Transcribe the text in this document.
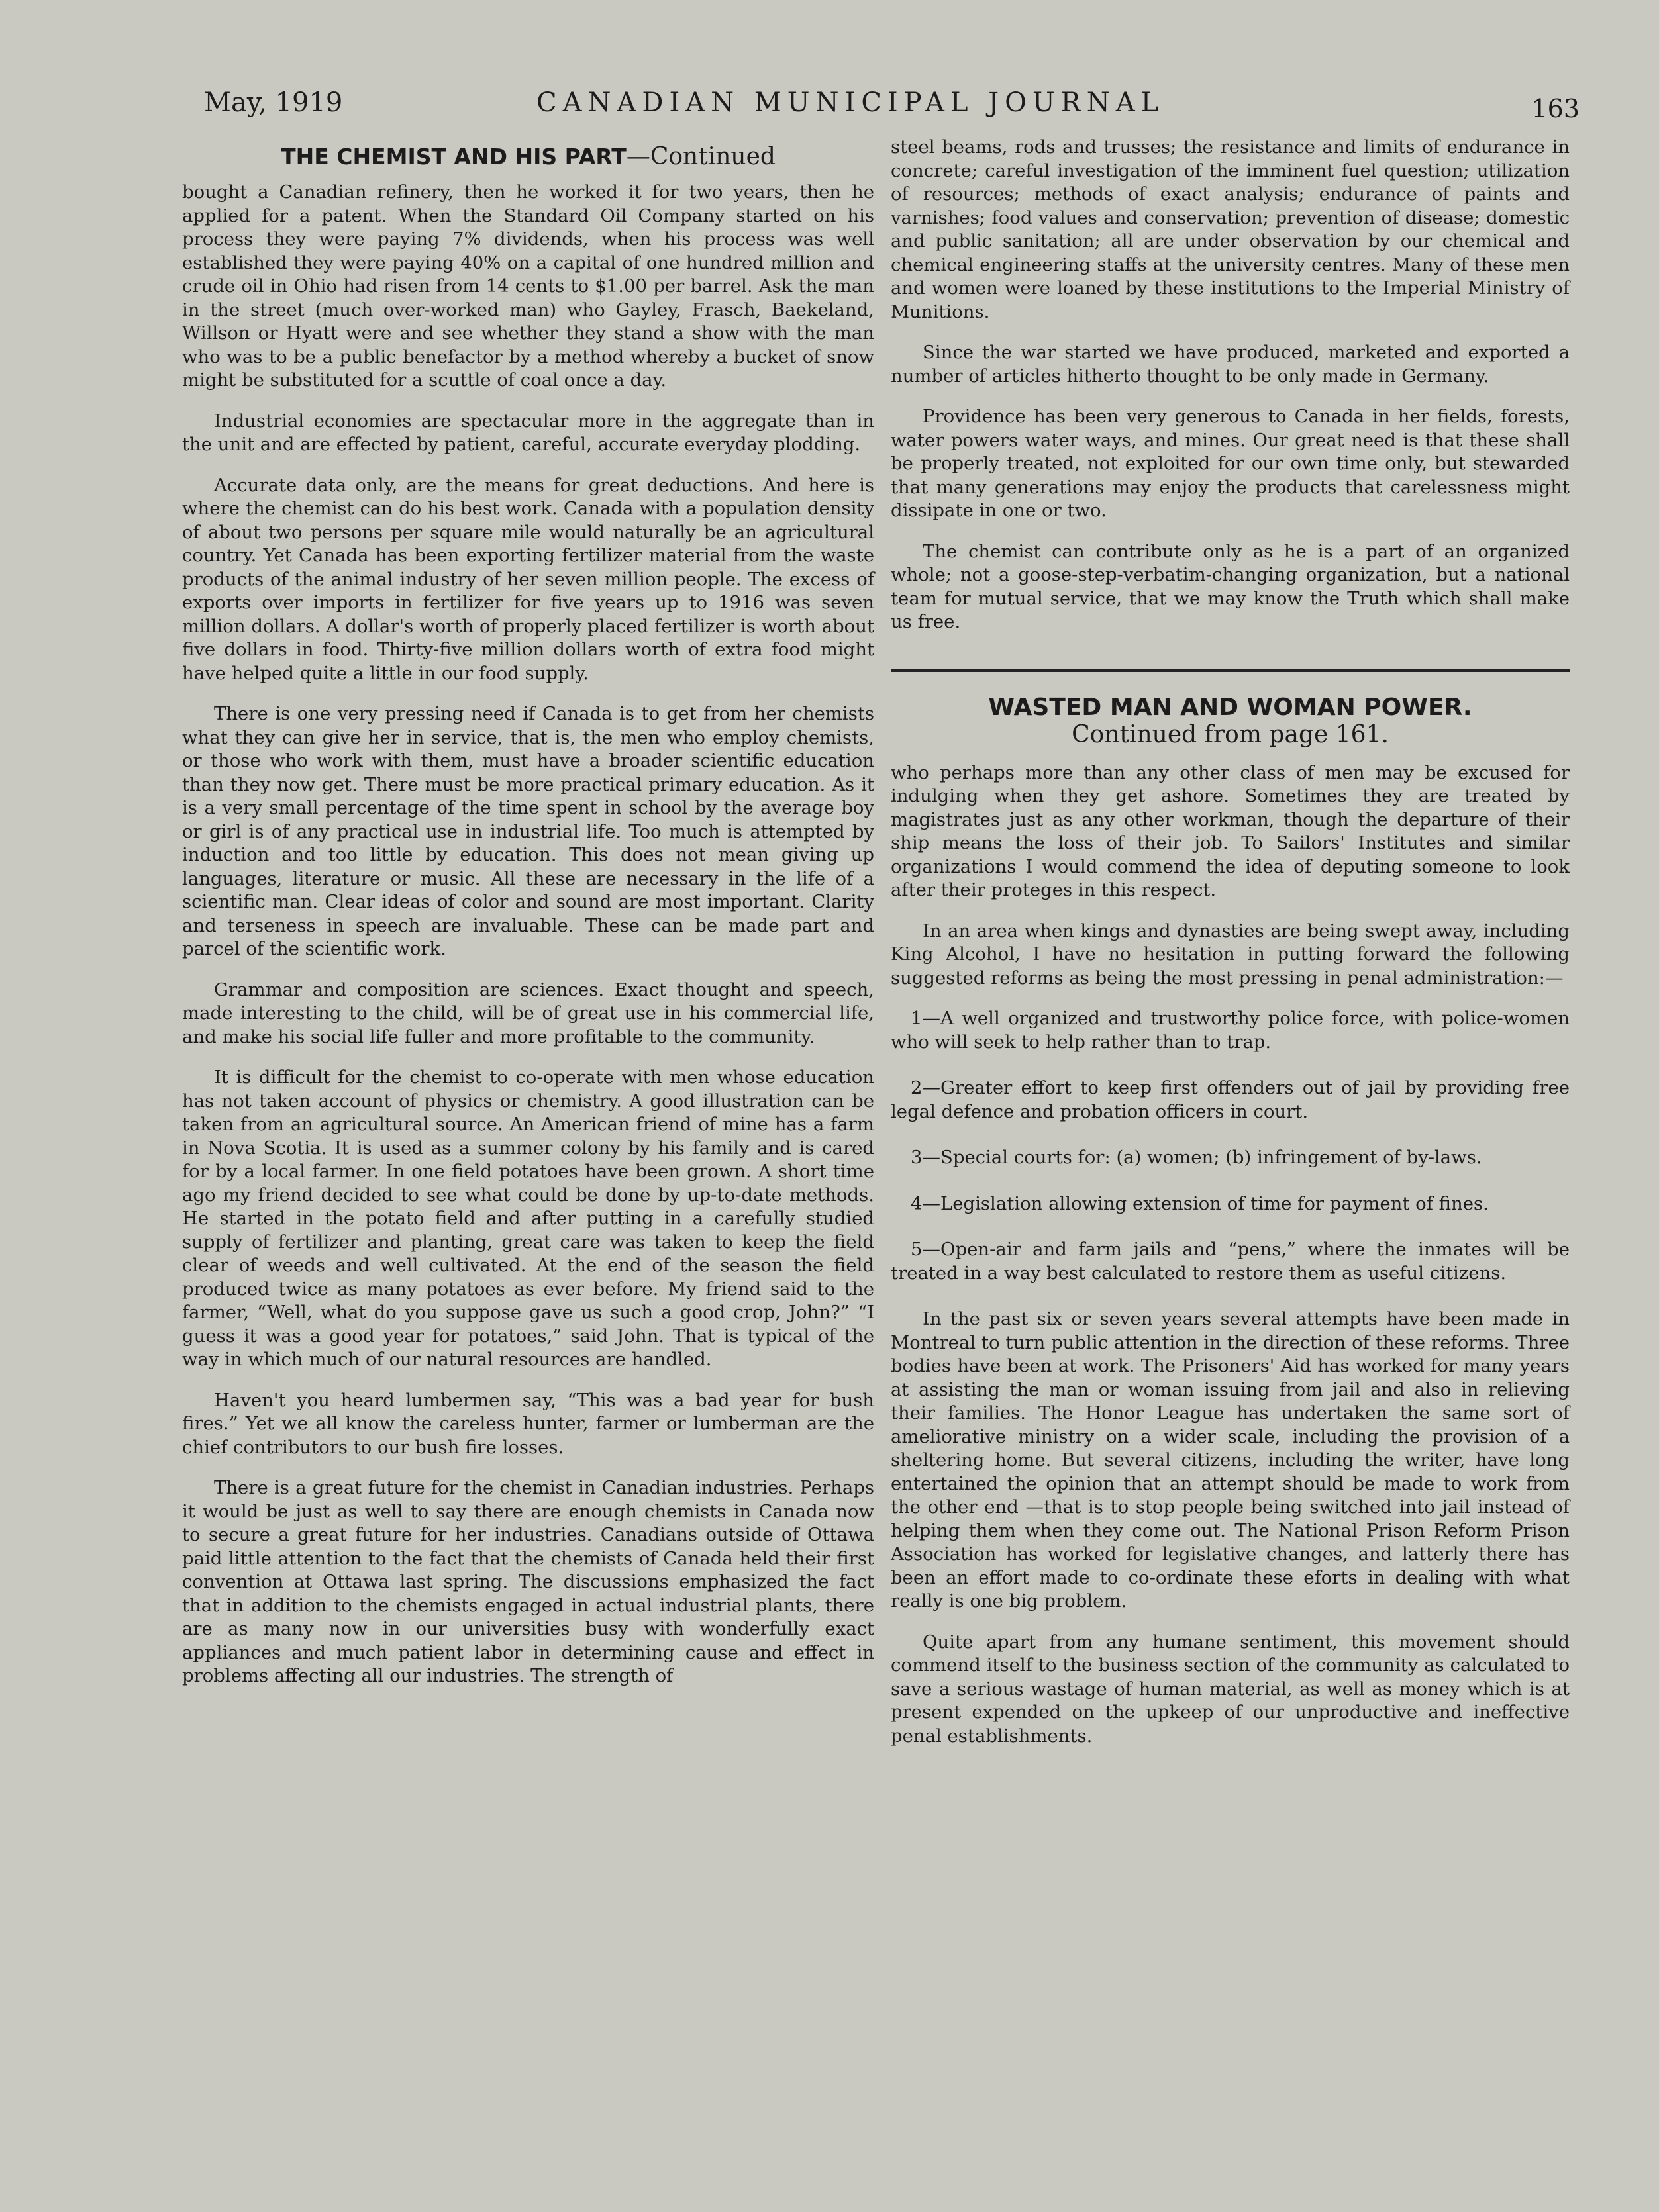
May, 1919	CANADIAN MUNICIPAL JOURNAL	163
THE CHEMIST AND HIS PART—Continued

bought a Canadian refinery, then he worked it for two years, then he applied for a patent. When the Standard Oil Company started on his process they were paying 7% dividends, when his process was well established they were paying 40% on a capital of one hundred million and crude oil in Ohio had risen from 14 cents to $1.00 per barrel. Ask the man in the street (much over-worked man) who Gayley, Frasch, Baekeland, Willson or Hyatt were and see whether they stand a show with the man who was to be a public benefactor by a method whereby a bucket of snow might be substituted for a scuttle of coal once a day.

Industrial economies are spectacular more in the aggregate than in the unit and are effected by patient, careful, accurate everyday plodding.

Accurate data only, are the means for great deductions. And here is where the chemist can do his best work. Canada with a population density of about two persons per square mile would naturally be an agricultural country. Yet Canada has been exporting fertilizer material from the waste products of the animal industry of her seven million people. The excess of exports over imports in fertilizer for five years up to 1916 was seven million dollars. A dollar's worth of properly placed fertilizer is worth about five dollars in food. Thirty-five million dollars worth of extra food might have helped quite a little in our food supply.

There is one very pressing need if Canada is to get from her chemists what they can give her in service, that is, the men who employ chemists, or those who work with them, must have a broader scientific education than they now get. There must be more practical primary education. As it is a very small percentage of the time spent in school by the average boy or girl is of any practical use in industrial life. Too much is attempted by induction and too little by education. This does not mean giving up languages, literature or music. All these are necessary in the life of a scientific man. Clear ideas of color and sound are most important. Clarity and terseness in speech are invaluable. These can be made part and parcel of the scientific work.

Grammar and composition are sciences. Exact thought and speech, made interesting to the child, will be of great use in his commercial life, and make his social life fuller and more profitable to the community.

It is difficult for the chemist to co-operate with men whose education has not taken account of physics or chemistry. A good illustration can be taken from an agricultural source. An American friend of mine has a farm in Nova Scotia. It is used as a summer colony by his family and is cared for by a local farmer. In one field potatoes have been grown. A short time ago my friend decided to see what could be done by up-to-date methods. He started in the potato field and after putting in a carefully studied supply of fertilizer and planting, great care was taken to keep the field clear of weeds and well cultivated. At the end of the season the field produced twice as many potatoes as ever before. My friend said to the farmer, “Well, what do you suppose gave us such a good crop, John?” “I guess it was a good year for potatoes,” said John. That is typical of the way in which much of our natural resources are handled.

Haven't you heard lumbermen say, “This was a bad year for bush fires.” Yet we all know the careless hunter, farmer or lumberman are the chief contributors to our bush fire losses.

There is a great future for the chemist in Canadian industries. Perhaps it would be just as well to say there are enough chemists in Canada now to secure a great future for her industries. Canadians outside of Ottawa paid little attention to the fact that the chemists of Canada held their first convention at Ottawa last spring. The discussions emphasized the fact that in addition to the chemists engaged in actual industrial plants, there are as many now in our universities busy with wonderfully exact appliances and much patient labor in determining cause and effect in problems affecting all our industries. The strength of

steel beams, rods and trusses; the resistance and limits of endurance in concrete; careful investigation of the imminent fuel question; utilization of resources; methods of exact analysis; endurance of paints and varnishes; food values and conservation; prevention of disease; domestic and public sanitation; all are under observation by our chemical and chemical engineering staffs at the university centres. Many of these men and women were loaned by these institutions to the Imperial Ministry of Munitions.

Since the war started we have produced, marketed and exported a number of articles hitherto thought to be only made in Germany.

Providence has been very generous to Canada in her fields, forests, water powers water ways, and mines. Our great need is that these shall be properly treated, not exploited for our own time only, but stewarded that many generations may enjoy the products that carelessness might dissipate in one or two.

The chemist can contribute only as he is a part of an organized whole; not a goose-step-verbatim-changing organization, but a national team for mutual service, that we may know the Truth which shall make us free.

WASTED MAN AND WOMAN POWER.
Continued from page 161.

who perhaps more than any other class of men may be excused for indulging when they get ashore. Sometimes they are treated by magistrates just as any other workman, though the departure of their ship means the loss of their job. To Sailors' Institutes and similar organizations I would commend the idea of deputing someone to look after their proteges in this respect.

In an area when kings and dynasties are being swept away, including King Alcohol, I have no hesitation in putting forward the following suggested reforms as being the most pressing in penal administration:—

1—A well organized and trustworthy police force, with police-women who will seek to help rather than to trap.

2—Greater effort to keep first offenders out of jail by providing free legal defence and probation officers in court.

3—Special courts for: (a) women; (b) infringement of by-laws.

4—Legislation allowing extension of time for payment of fines.

5—Open-air and farm jails and “pens,” where the inmates will be treated in a way best calculated to restore them as useful citizens.

In the past six or seven years several attempts have been made in Montreal to turn public attention in the direction of these reforms. Three bodies have been at work. The Prisoners' Aid has worked for many years at assisting the man or woman issuing from jail and also in relieving their families. The Honor League has undertaken the same sort of ameliorative ministry on a wider scale, including the provision of a sheltering home. But several citizens, including the writer, have long entertained the opinion that an attempt should be made to work from the other end —that is to stop people being switched into jail instead of helping them when they come out. The National Prison Reform Prison Association has worked for legislative changes, and latterly there has been an effort made to co-ordinate these eforts in dealing with what really is one big problem.

Quite apart from any humane sentiment, this movement should commend itself to the business section of the community as calculated to save a serious wastage of human material, as well as money which is at present expended on the upkeep of our unproductive and ineffective penal establishments.
